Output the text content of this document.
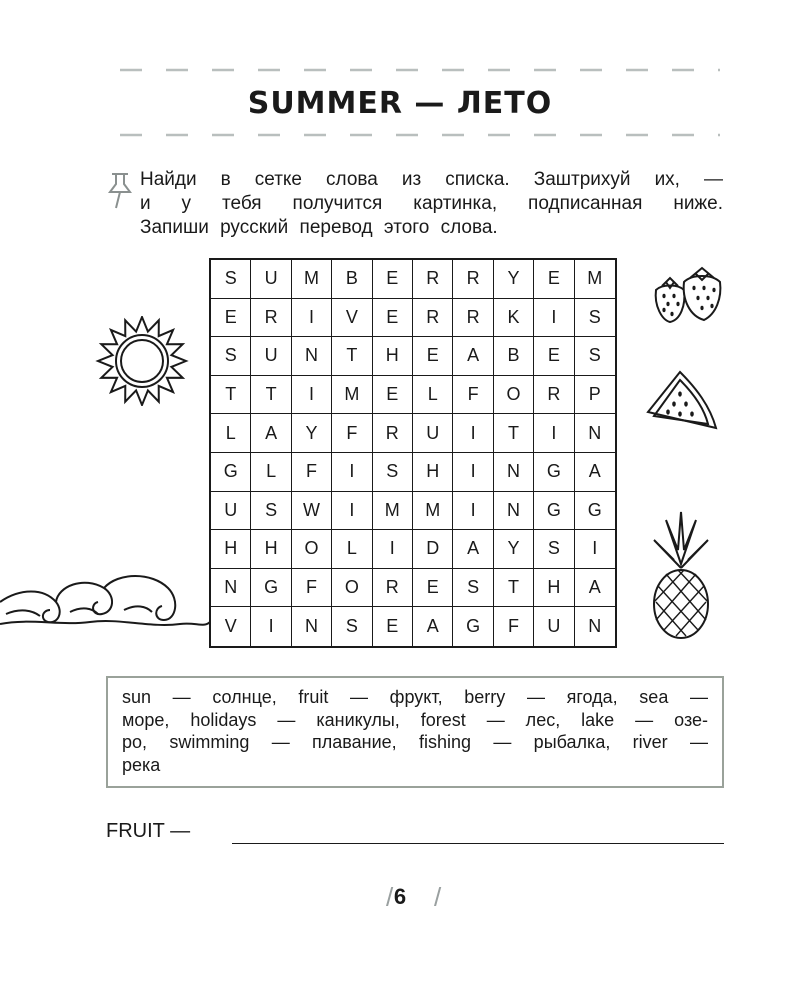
SUMMER — ЛЕТО
Найди в сетке слова из списка. Заштрихуй их, —
и у тебя получится картинка, подписанная ниже.
Запиши русский перевод этого слова.
S	U	M	B	E	R	R	Y	E	M
E	R	I	V	E	R	R	K	I	S
S	U	N	T	H	E	A	B	E	S
T	T	I	M	E	L	F	O	R	P
L	A	Y	F	R	U	I	T	I	N
G	L	F	I	S	H	I	N	G	A
U	S	W	I	M	M	I	N	G	G
H	H	O	L	I	D	A	Y	S	I
N	G	F	O	R	E	S	T	H	A
V	I	N	S	E	A	G	F	U	N
sun — солнце, fruit — фрукт, berry — ягода, sea —
море, holidays — каникулы, forest — лес, lake — озе-
ро, swimming — плавание, fishing — рыбалка, river —
река
FRUIT —
/ 6	/
